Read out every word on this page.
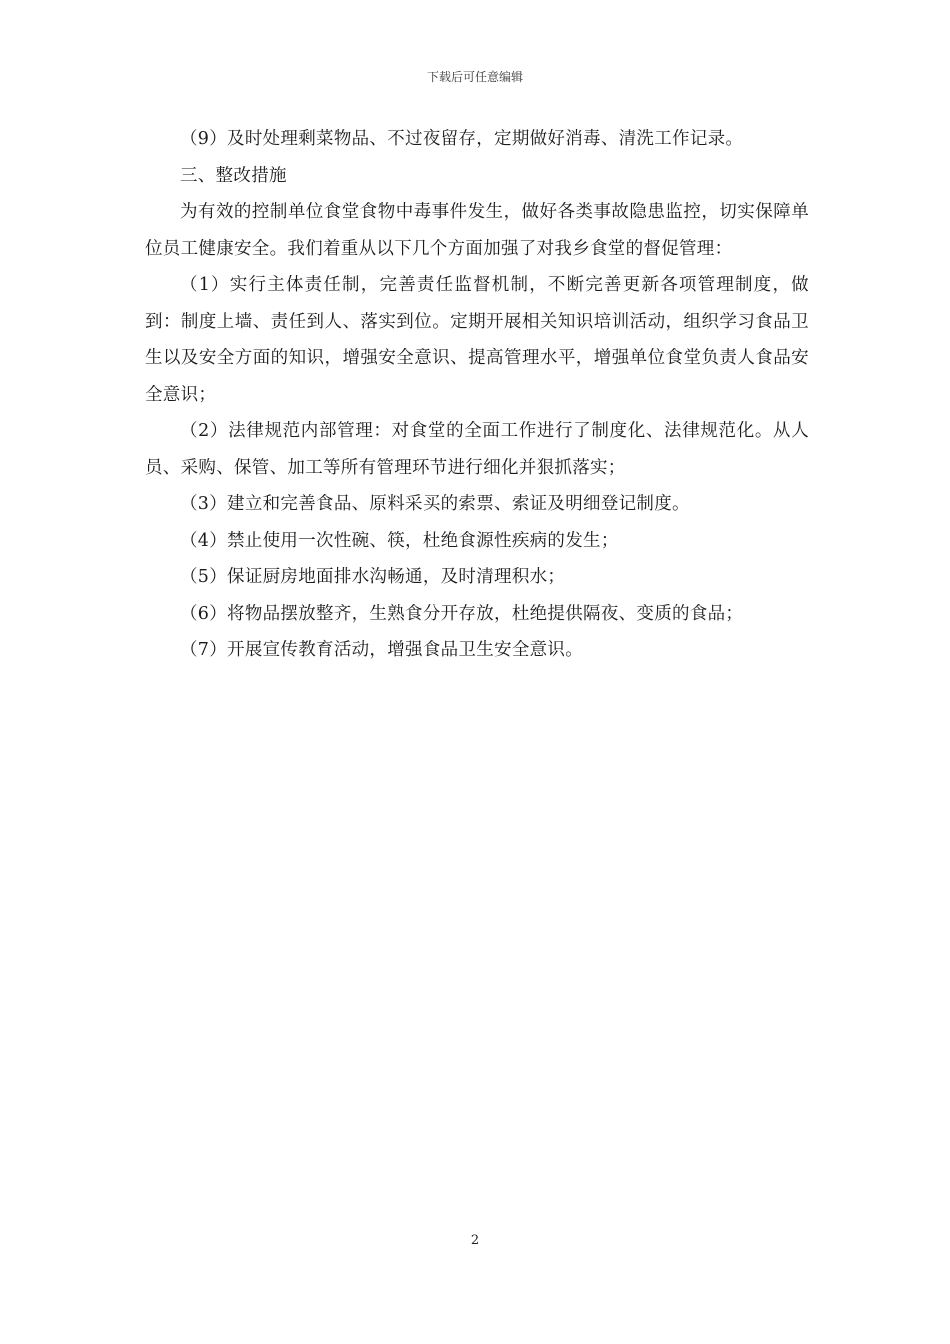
下载后可任意编辑

（9）及时处理剩菜物品、不过夜留存，定期做好消毒、清洗工作记录。

三、整改措施

为有效的控制单位食堂食物中毒事件发生，做好各类事故隐患监控，切实保障单位员工健康安全。我们着重从以下几个方面加强了对我乡食堂的督促管理：

（1）实行主体责任制，完善责任监督机制，不断完善更新各项管理制度，做到：制度上墙、责任到人、落实到位。定期开展相关知识培训活动，组织学习食品卫生以及安全方面的知识，增强安全意识、提高管理水平，增强单位食堂负责人食品安全意识；

（2）法律规范内部管理：对食堂的全面工作进行了制度化、法律规范化。从人员、采购、保管、加工等所有管理环节进行细化并狠抓落实；

（3）建立和完善食品、原料采买的索票、索证及明细登记制度。

（4）禁止使用一次性碗、筷，杜绝食源性疾病的发生；

（5）保证厨房地面排水沟畅通，及时清理积水；

（6）将物品摆放整齐，生熟食分开存放，杜绝提供隔夜、变质的食品；

（7）开展宣传教育活动，增强食品卫生安全意识。

2
